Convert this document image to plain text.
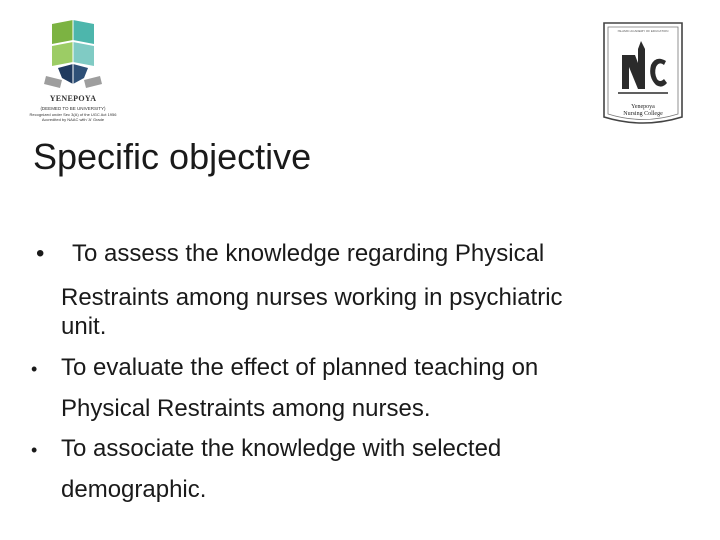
YENEPOYA
(DEEMED TO BE UNIVERSITY)
Recognized under Sec 3(A) of the UGC Act 1956
Accredited by NAAC with 'A' Grade
ISLAMIC ACADEMY OF EDUCATION
Yenepoya
Nursing College
Specific objective
• To assess the knowledge regarding Physical
Restraints among nurses working in psychiatric
unit.
• To evaluate the effect of planned teaching on
Physical Restraints among nurses.
• To associate the knowledge with selected
demographic.
